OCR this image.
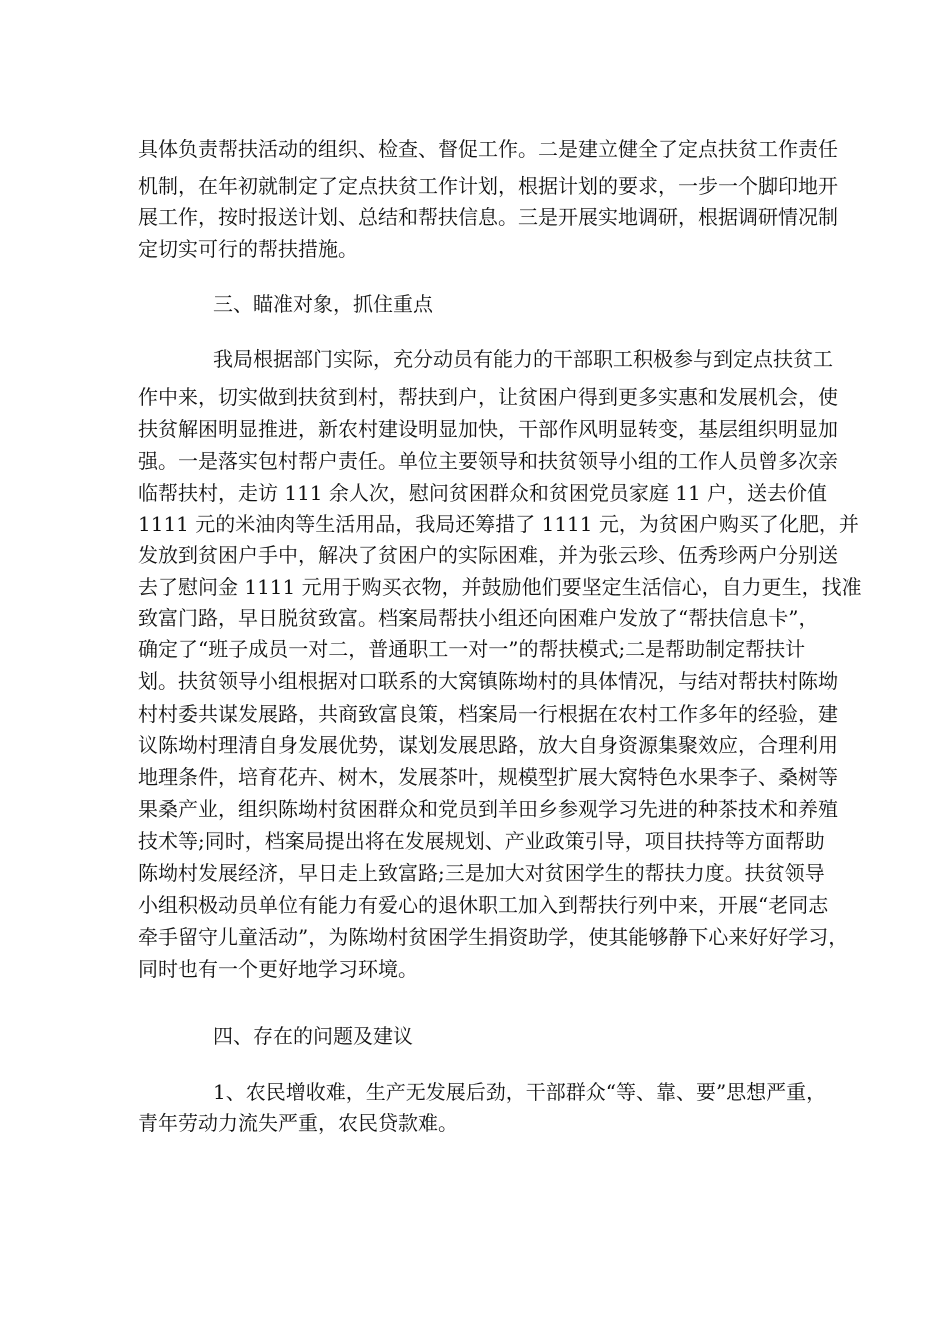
具体负责帮扶活动的组织、检查、督促工作。二是建立健全了定点扶贫工作责任

机制，在年初就制定了定点扶贫工作计划，根据计划的要求，一步一个脚印地开

展工作，按时报送计划、总结和帮扶信息。三是开展实地调研，根据调研情况制

定切实可行的帮扶措施。

三、瞄准对象，抓住重点

我局根据部门实际，充分动员有能力的干部职工积极参与到定点扶贫工

作中来，切实做到扶贫到村，帮扶到户，让贫困户得到更多实惠和发展机会，使

扶贫解困明显推进，新农村建设明显加快，干部作风明显转变，基层组织明显加

强。一是落实包村帮户责任。单位主要领导和扶贫领导小组的工作人员曾多次亲

临帮扶村，走访 111 余人次，慰问贫困群众和贫困党员家庭 11 户，送去价值

1111 元的米油肉等生活用品，我局还筹措了 1111 元，为贫困户购买了化肥，并

发放到贫困户手中，解决了贫困户的实际困难，并为张云珍、伍秀珍两户分别送

去了慰问金 1111 元用于购买衣物，并鼓励他们要坚定生活信心，自力更生，找准

致富门路，早日脱贫致富。档案局帮扶小组还向困难户发放了“帮扶信息卡”，

确定了“班子成员一对二，普通职工一对一”的帮扶模式;二是帮助制定帮扶计

划。扶贫领导小组根据对口联系的大窝镇陈坳村的具体情况，与结对帮扶村陈坳

村村委共谋发展路，共商致富良策，档案局一行根据在农村工作多年的经验，建

议陈坳村理清自身发展优势，谋划发展思路，放大自身资源集聚效应，合理利用

地理条件，培育花卉、树木，发展茶叶，规模型扩展大窝特色水果李子、桑树等

果桑产业，组织陈坳村贫困群众和党员到羊田乡参观学习先进的种茶技术和养殖

技术等;同时，档案局提出将在发展规划、产业政策引导，项目扶持等方面帮助

陈坳村发展经济，早日走上致富路;三是加大对贫困学生的帮扶力度。扶贫领导

小组积极动员单位有能力有爱心的退休职工加入到帮扶行列中来，开展“老同志

牵手留守儿童活动”，为陈坳村贫困学生捐资助学，使其能够静下心来好好学习，

同时也有一个更好地学习环境。

四、存在的问题及建议

1、农民增收难，生产无发展后劲，干部群众“等、靠、要”思想严重，

青年劳动力流失严重，农民贷款难。
